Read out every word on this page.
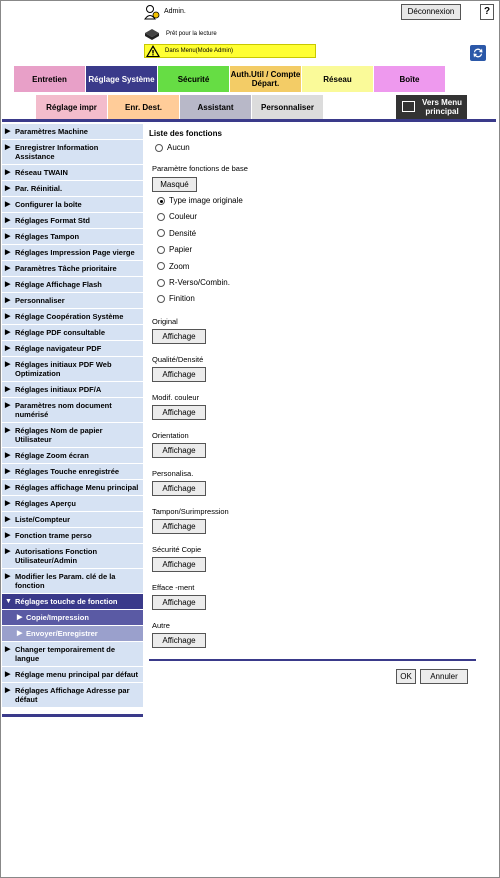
Admin.	Déconnexion	?
Prêt pour la lecture
Dans Menu(Mode Admin)
Entretien	Réglage Système	Sécurité	Auth.Util / Compte Départ.	Réseau	Boîte
Réglage impr	Enr. Dest.	Assistant	Personnaliser	Vers Menu principal
▶ Paramètres Machine
▶ Enregistrer Information Assistance
▶ Réseau TWAIN
▶ Par. Réinitial.
▶ Configurer la boîte
▶ Réglages Format Std
▶ Réglages Tampon
▶ Réglages Impression Page vierge
▶ Paramètres Tâche prioritaire
▶ Réglage Affichage Flash
▶ Personnaliser
▶ Réglage Coopération Système
▶ Réglage PDF consultable
▶ Réglage navigateur PDF
▶ Réglages initiaux PDF Web Optimization
▶ Réglages initiaux PDF/A
▶ Paramètres nom document numérisé
▶ Réglages Nom de papier Utilisateur
▶ Réglage Zoom écran
▶ Réglages Touche enregistrée
▶ Réglages affichage Menu principal
▶ Réglages Aperçu
▶ Liste/Compteur
▶ Fonction trame perso
▶ Autorisations Fonction Utilisateur/Admin
▶ Modifier les Param. clé de la fonction
▼ Réglages touche de fonction
▶ Copie/Impression
▶ Envoyer/Enregistrer
▶ Changer temporairement de langue
▶ Réglage menu principal par défaut
▶ Réglages Affichage Adresse par défaut
Liste des fonctions
Aucun
Paramètre fonctions de base
Masqué
Type image originale
Couleur
Densité
Papier
Zoom
R-Verso/Combin.
Finition
Original
Affichage
Qualité/Densité
Affichage
Modif. couleur
Affichage
Orientation
Affichage
Personalisa.
Affichage
Tampon/Surimpression
Affichage
Sécurité Copie
Affichage
Efface -ment
Affichage
Autre
Affichage
OK	Annuler
